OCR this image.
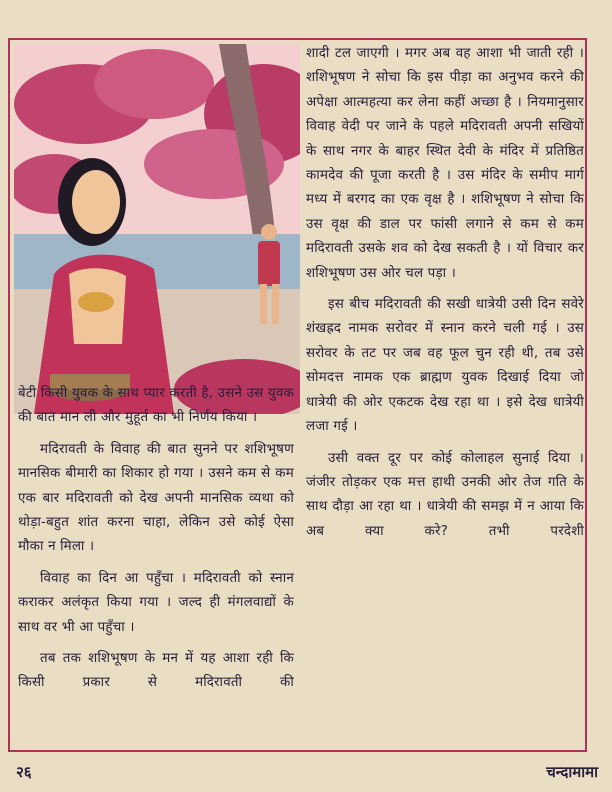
शादी टल जाएगी । मगर अब वह आशा भी जाती रही । शशिभूषण ने सोचा कि इस पीड़ा का अनुभव करने की अपेक्षा आत्महत्या कर लेना कहीं अच्छा है । नियमानुसार विवाह वेदी पर जाने के पहले मदिरावती अपनी सखियों के साथ नगर के बाहर स्थित देवी के मंदिर में प्रतिष्ठित कामदेव की पूजा करती है । उस मंदिर के समीप मार्ग मध्य में बरगद का एक वृक्ष है । शशिभूषण ने सोचा कि उस वृक्ष की डाल पर फांसी लगाने से कम से कम मदिरावती उसके शव को देख सकती है । यों विचार कर शशिभूषण उस ओर चल पड़ा ।

इस बीच मदिरावती की सखी धात्रेयी उसी दिन सवेरे शंखह्रद नामक सरोवर में स्नान करने चली गई । उस सरोवर के तट पर जब वह फूल चुन रही थी, तब उसे सोमदत्त नामक एक ब्राह्मण युवक दिखाई दिया जो धात्रेयी की ओर एकटक देख रहा था । इसे देख धात्रेयी लजा गई ।

उसी वक्त दूर पर कोई कोलाहल सुनाई दिया । जंजीर तोड़कर एक मत्त हाथी उनकी ओर तेज गति के साथ दौड़ा आ रहा था । धात्रेयी की समझ में न आया कि अब क्या करे? तभी परदेशी

बेटी किसी युवक के साथ प्यार करती है, उसने उस युवक की बात मान ली और मुहूर्त का भी निर्णय किया ।

मदिरावती के विवाह की बात सुनने पर शशिभूषण मानसिक बीमारी का शिकार हो गया । उसने कम से कम एक बार मदिरावती को देख अपनी मानसिक व्यथा को थोड़ा-बहुत शांत करना चाहा, लेकिन उसे कोई ऐसा मौका न मिला ।

विवाह का दिन आ पहुँचा । मदिरावती को स्नान कराकर अलंकृत किया गया । जल्द ही मंगलवाद्यों के साथ वर भी आ पहुँचा ।

तब तक शशिभूषण के मन में यह आशा रही कि किसी प्रकार से मदिरावती की

२६	चन्दामामा
